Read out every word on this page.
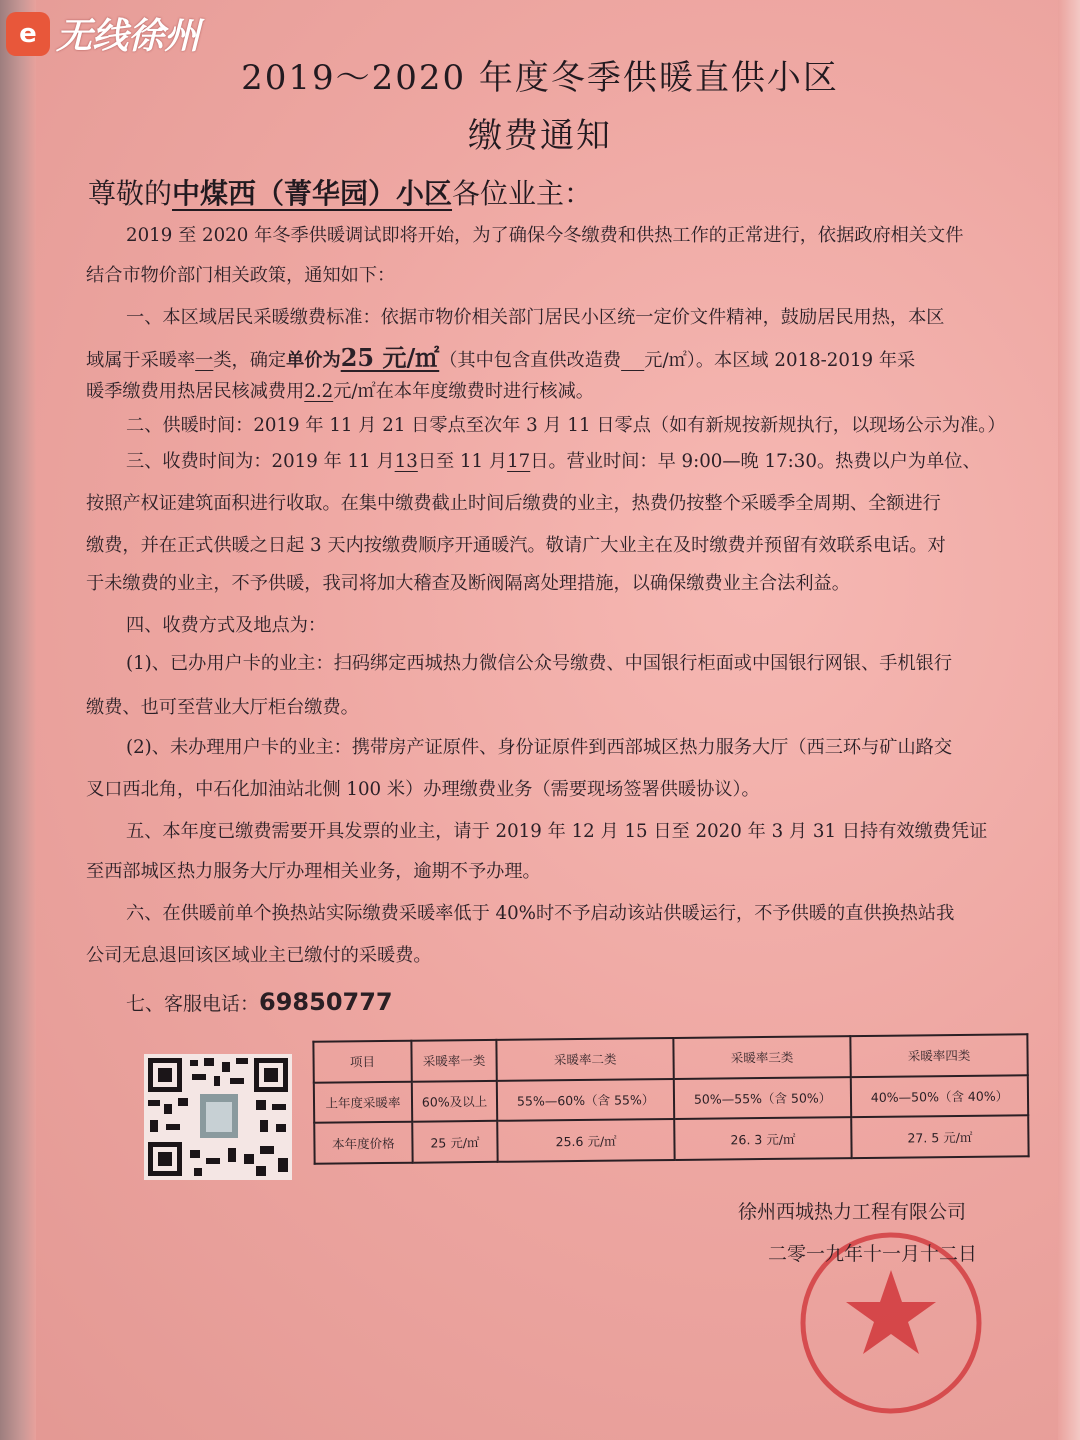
e 无线徐州
2019～2020 年度冬季供暖直供小区
缴费通知
尊敬的中煤西（菁华园）小区各位业主：
2019 至 2020 年冬季供暖调试即将开始，为了确保今冬缴费和供热工作的正常进行，依据政府相关文件
结合市物价部门相关政策，通知如下：
一、本区域居民采暖缴费标准：依据市物价相关部门居民小区统一定价文件精神，鼓励居民用热，本区
域属于采暖率一类，确定单价为25 元/㎡（其中包含直供改造费 元/㎡）。本区域 2018-2019 年采
暖季缴费用热居民核减费用2.2元/㎡在本年度缴费时进行核减。
二、供暖时间：2019 年 11 月 21 日零点至次年 3 月 11 日零点（如有新规按新规执行，以现场公示为准。）
三、收费时间为：2019 年 11 月13日至 11 月17日。营业时间：早 9:00—晚 17:30。热费以户为单位、
按照产权证建筑面积进行收取。在集中缴费截止时间后缴费的业主，热费仍按整个采暖季全周期、全额进行
缴费，并在正式供暖之日起 3 天内按缴费顺序开通暖汽。敬请广大业主在及时缴费并预留有效联系电话。对
于未缴费的业主，不予供暖，我司将加大稽查及断阀隔离处理措施，以确保缴费业主合法利益。
四、收费方式及地点为：
(1)、已办用户卡的业主：扫码绑定西城热力微信公众号缴费、中国银行柜面或中国银行网银、手机银行
缴费、也可至营业大厅柜台缴费。
(2)、未办理用户卡的业主：携带房产证原件、身份证原件到西部城区热力服务大厅（西三环与矿山路交
叉口西北角，中石化加油站北侧 100 米）办理缴费业务（需要现场签署供暖协议）。
五、本年度已缴费需要开具发票的业主，请于 2019 年 12 月 15 日至 2020 年 3 月 31 日持有效缴费凭证
至西部城区热力服务大厅办理相关业务，逾期不予办理。
六、在供暖前单个换热站实际缴费采暖率低于 40%时不予启动该站供暖运行，不予供暖的直供换热站我
公司无息退回该区域业主已缴付的采暖费。
七、客服电话：69850777
项目	采暖率一类	采暖率二类	采暖率三类	采暖率四类
上年度采暖率	60%及以上	55%—60%（含 55%）	50%—55%（含 50%）	40%—50%（含 40%）
本年度价格	25 元/㎡	25.6 元/㎡	26. 3 元/㎡	27. 5 元/㎡
徐州西城热力工程有限公司
二零一九年十一月十二日
